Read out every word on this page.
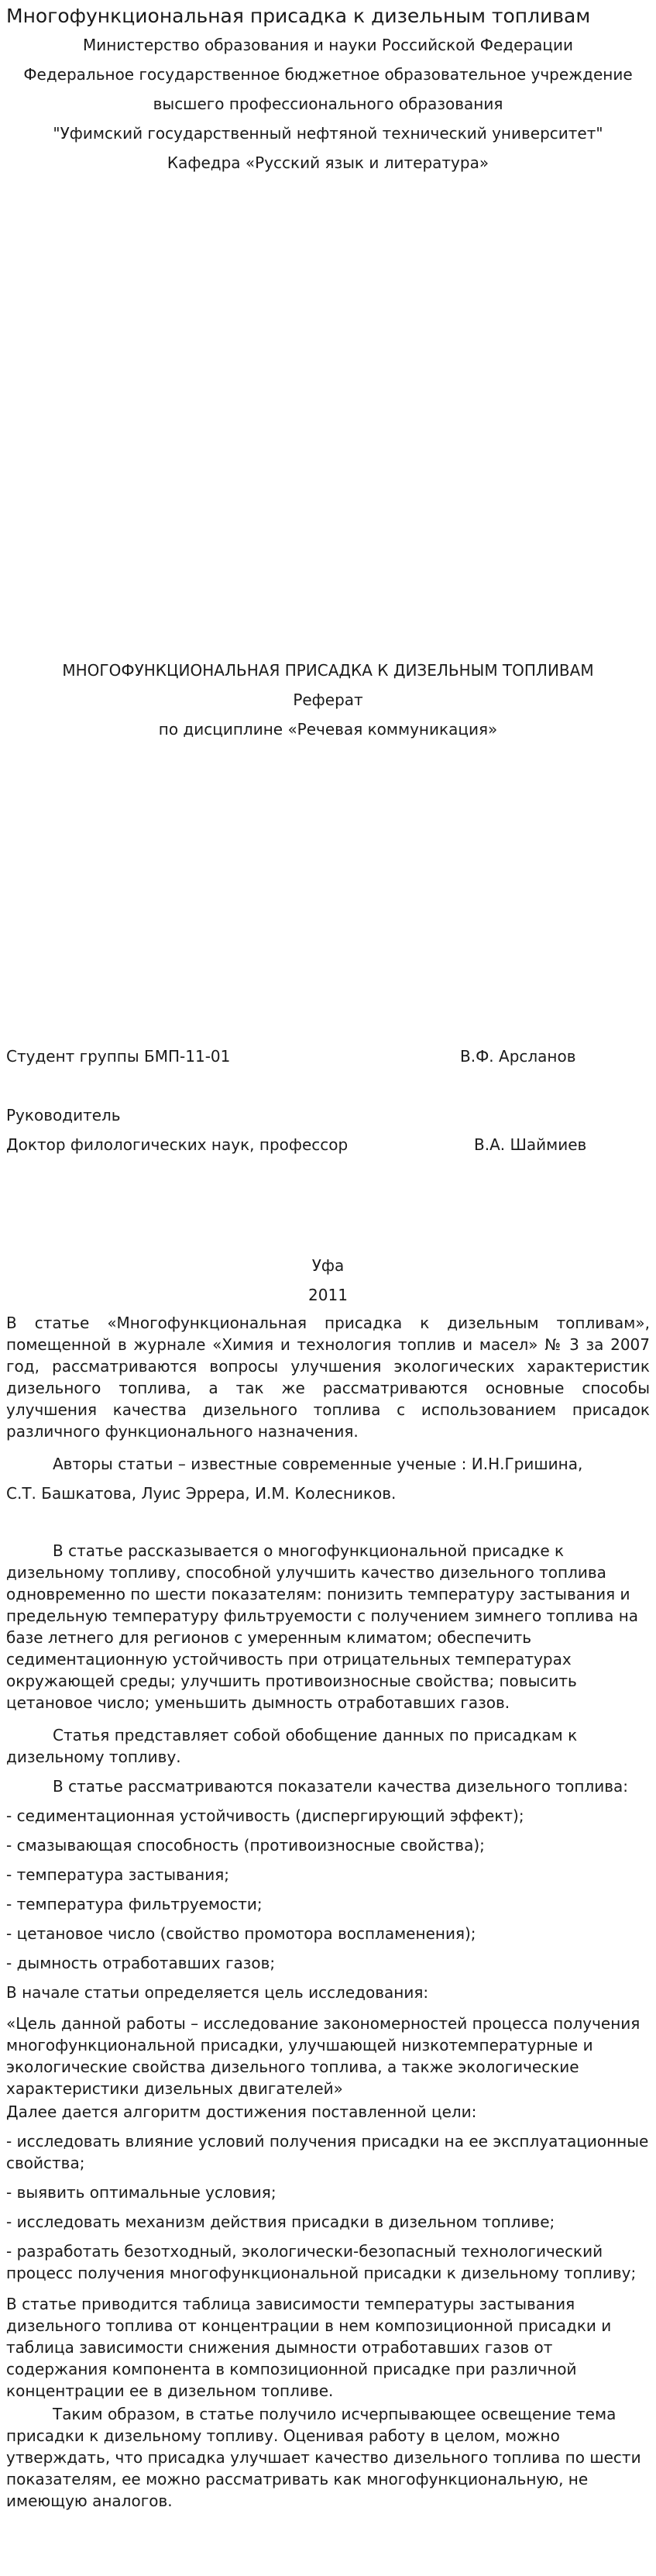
Многофункциональная присадка к дизельным топливам
Министерство образования и науки Российской Федерации
Федеральное государственное бюджетное образовательное учреждение
высшего профессионального образования
"Уфимский государственный нефтяной технический университет"
Кафедра «Русский язык и литература»
МНОГОФУНКЦИОНАЛЬНАЯ ПРИСАДКА К ДИЗЕЛЬНЫМ ТОПЛИВАМ
Реферат
по дисциплине «Речевая коммуникация»
Студент группы БМП-11-01	В.Ф. Арсланов
Руководитель
Доктор филологических наук, профессор	В.А. Шаймиев
Уфа
2011

В статье «Многофункциональная присадка к дизельным топливам», помещенной в журнале «Химия и технология топлив и масел» № 3 за 2007 год, рассматриваются вопросы улучшения экологических характеристик дизельного топлива, а так же рассматриваются основные способы улучшения качества дизельного топлива с использованием присадок различного функционального назначения.

Авторы статьи – известные современные ученые : И.Н.Гришина,

С.Т. Башкатова, Луис Эррера, И.М. Колесников.

В статье рассказывается о многофункциональной присадке к дизельному топливу, способной улучшить качество дизельного топлива одновременно по шести показателям: понизить температуру застывания и предельную температуру фильтруемости с получением зимнего топлива на базе летнего для регионов с умеренным климатом; обеспечить седиментационную устойчивость при отрицательных температурах окружающей среды; улучшить противоизносные свойства; повысить цетановое число; уменьшить дымность отработавших газов.

Статья представляет собой обобщение данных по присадкам к дизельному топливу.

В статье рассматриваются показатели качества дизельного топлива:

- седиментационная устойчивость (диспергирующий эффект);

- смазывающая способность (противоизносные свойства);

- температура застывания;

- температура фильтруемости;

- цетановое число (свойство промотора воспламенения);

- дымность отработавших газов;

В начале статьи определяется цель исследования:

«Цель данной работы – исследование закономерностей процесса получения многофункциональной присадки, улучшающей низкотемпературные и экологические свойства дизельного топлива, а также экологические характеристики дизельных двигателей»

Далее дается алгоритм достижения поставленной цели:

- исследовать влияние условий получения присадки на ее эксплуатационные свойства;

- выявить оптимальные условия;

- исследовать механизм действия присадки в дизельном топливе;

- разработать безотходный, экологически-безопасный технологический процесс получения многофункциональной присадки к дизельному топливу;

В статье приводится таблица зависимости температуры застывания дизельного топлива от концентрации в нем композиционной присадки и таблица зависимости снижения дымности отработавших газов от содержания компонента в композиционной присадке при различной концентрации ее в дизельном топливе.

Таким образом, в статье получило исчерпывающее освещение тема присадки к дизельному топливу. Оценивая работу в целом, можно утверждать, что присадка улучшает качество дизельного топлива по шести показателям, ее можно рассматривать как многофункциональную, не имеющую аналогов.
